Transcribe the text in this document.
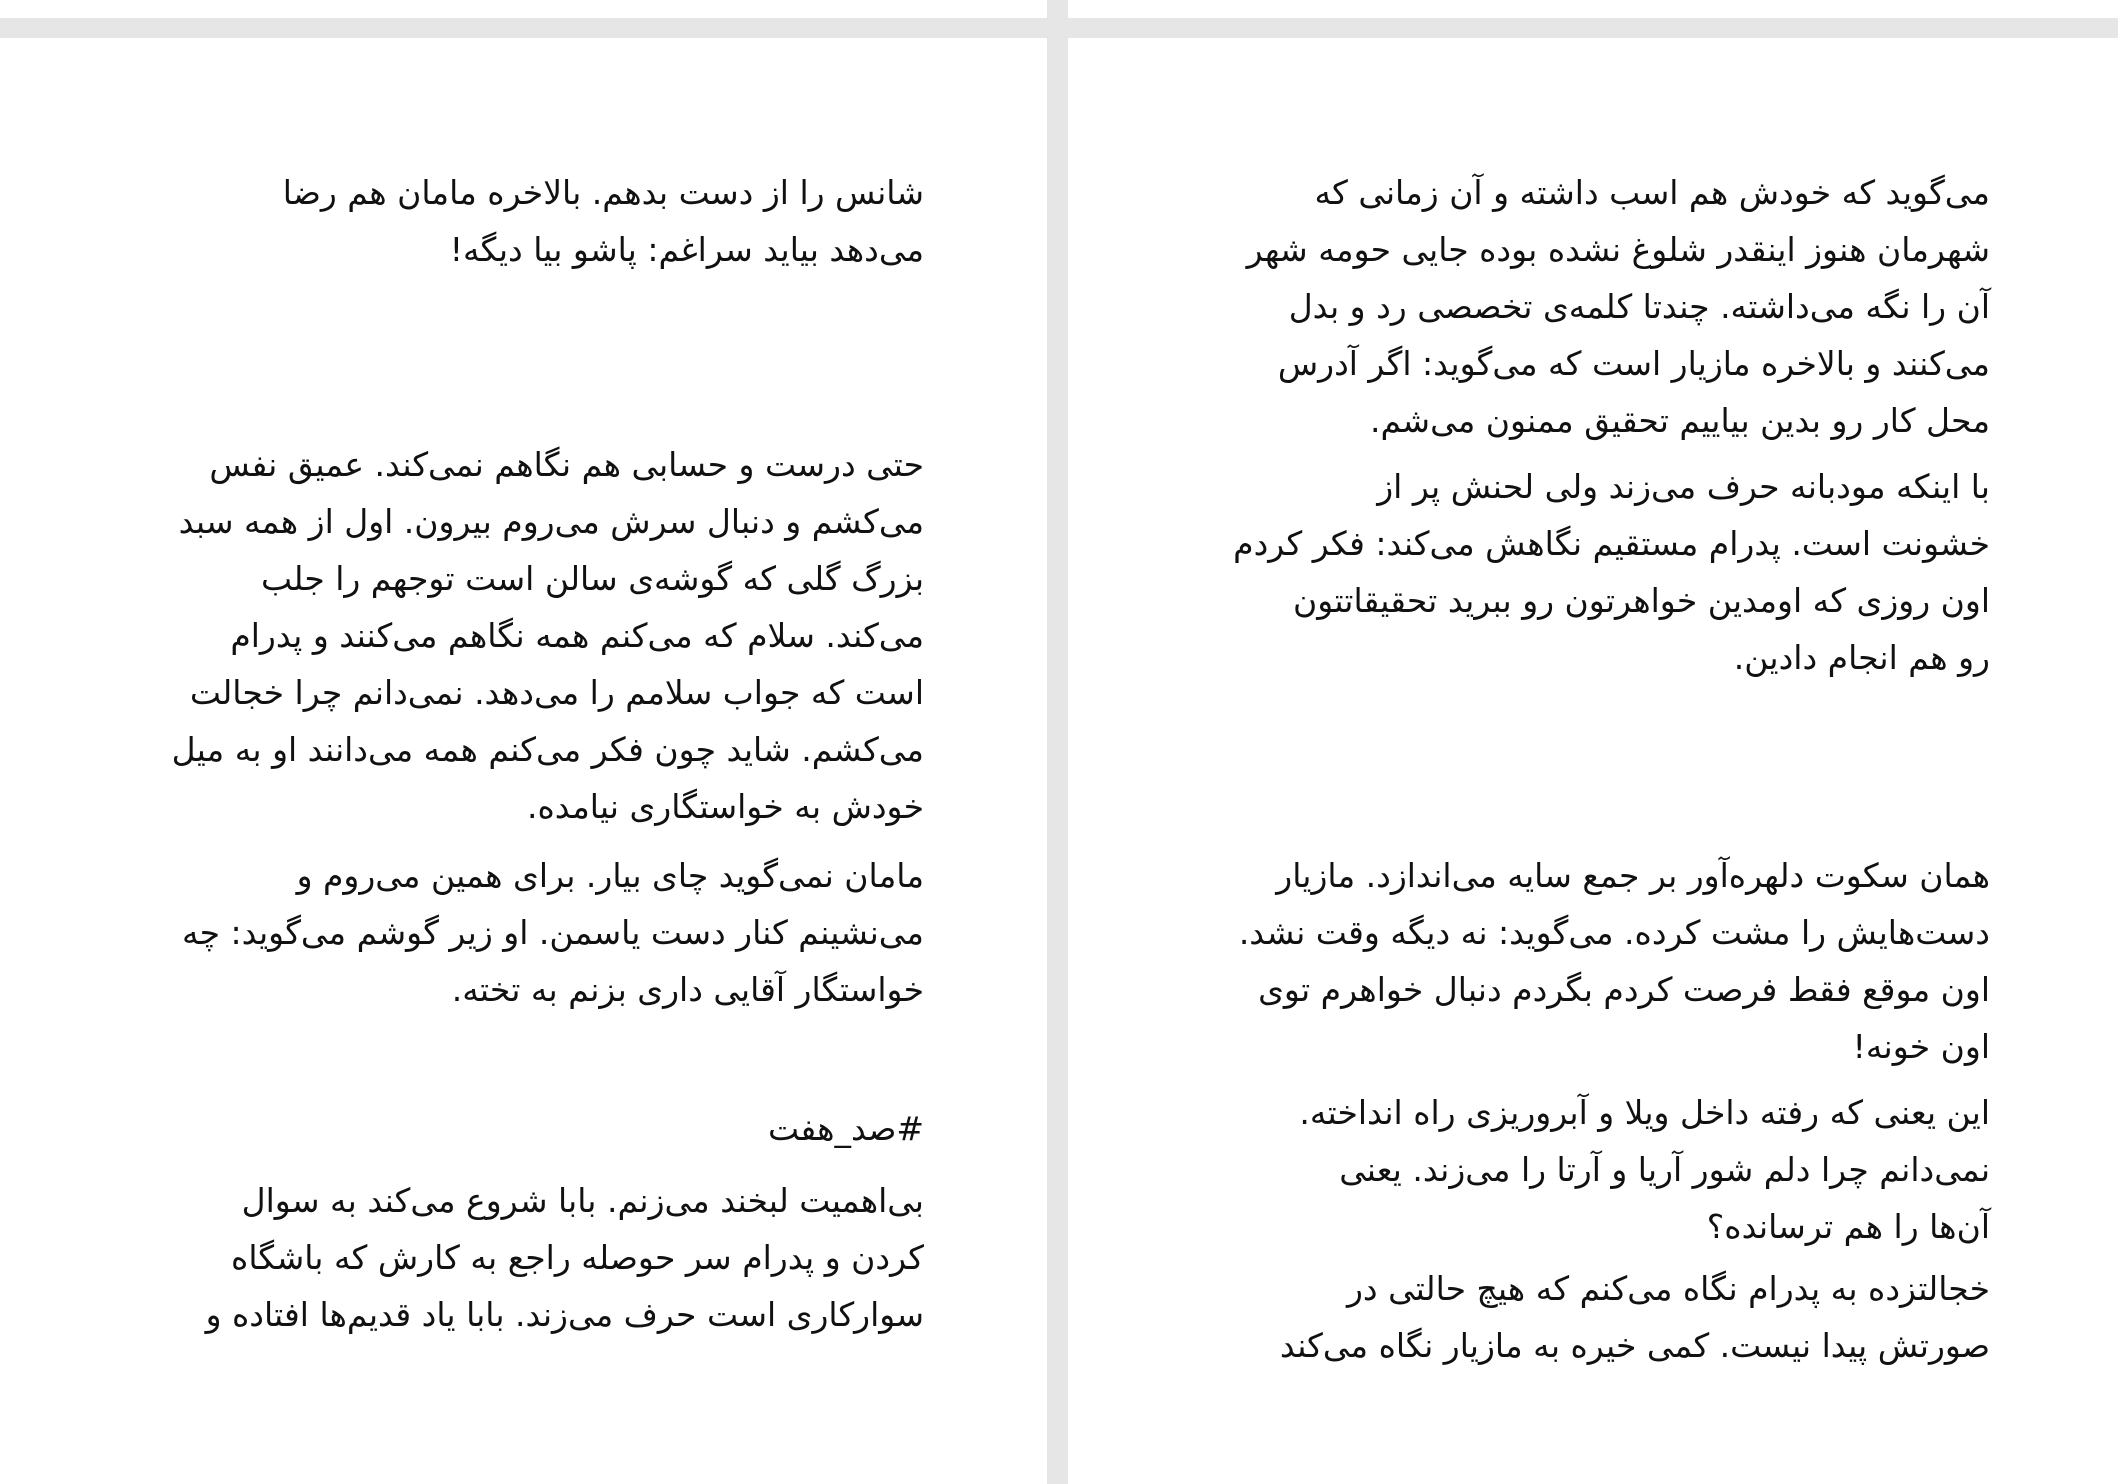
شانس را از دست بدهم. بالاخره مامان هم رضا
می‌دهد بیاید سراغم: پاشو بیا دیگه!
حتی درست و حسابی هم نگاهم نمی‌کند. عمیق نفس
می‌کشم و دنبال سرش می‌روم بیرون. اول از همه سبد
بزرگ گلی که گوشه‌ی سالن است توجهم را جلب
می‌کند. سلام که می‌کنم همه نگاهم می‌کنند و پدرام
است که جواب سلامم را می‌دهد. نمی‌دانم چرا خجالت
می‌کشم. شاید چون فکر می‌کنم همه می‌دانند او به میل
خودش به خواستگاری نیامده.
مامان نمی‌گوید چای بیار. برای همین می‌روم و
می‌نشینم کنار دست یاسمن. او زیر گوشم می‌گوید: چه
خواستگار آقایی داری بزنم به تخته.
#صد_هفت
بی‌اهمیت لبخند می‌زنم. بابا شروع می‌کند به سوال
کردن و پدرام سر حوصله راجع به کارش که باشگاه
سوارکاری است حرف می‌زند. بابا یاد قدیم‌ها افتاده و
می‌گوید که خودش هم اسب داشته و آن زمانی که
شهرمان هنوز اینقدر شلوغ نشده بوده جایی حومه شهر
آن را نگه می‌داشته. چندتا کلمه‌ی تخصصی رد و بدل
می‌کنند و بالاخره مازیار است که می‌گوید: اگر آدرس
محل کار رو بدین بیاییم تحقیق ممنون می‌شم.
با اینکه مودبانه حرف می‌زند ولی لحنش پر از
خشونت است. پدرام مستقیم نگاهش می‌کند: فکر کردم
اون روزی که اومدین خواهرتون رو ببرید تحقیقاتتون
رو هم انجام دادین.
همان سکوت دلهره‌آور بر جمع سایه می‌اندازد. مازیار
دست‌هایش را مشت کرده. می‌گوید: نه دیگه وقت نشد.
اون موقع فقط فرصت کردم بگردم دنبال خواهرم توی
اون خونه!
این یعنی که رفته داخل ویلا و آبروریزی راه انداخته.
نمی‌دانم چرا دلم شور آریا و آرتا را می‌زند. یعنی
آن‌ها را هم ترسانده؟
خجالتزده به پدرام نگاه می‌کنم که هیچ حالتی در
صورتش پیدا نیست. کمی خیره به مازیار نگاه می‌کند
